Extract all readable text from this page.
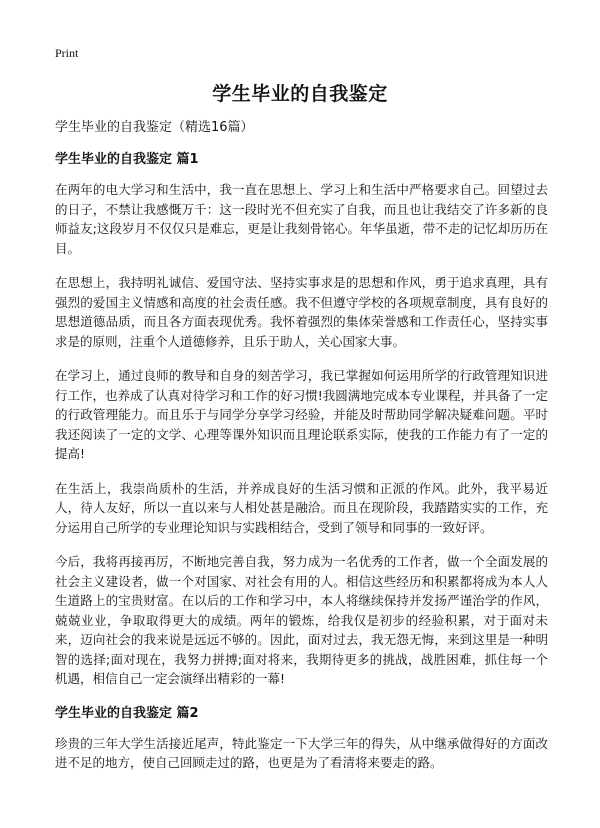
Print
学生毕业的自我鉴定

学生毕业的自我鉴定（精选16篇）

学生毕业的自我鉴定 篇1

在两年的电大学习和生活中，我一直在思想上、学习上和生活中严格要求自己。回望过去的日子，不禁让我感慨万千：这一段时光不但充实了自我，而且也让我结交了许多新的良师益友;这段岁月不仅仅只是难忘，更是让我刻骨铭心。年华虽逝，带不走的记忆却历历在目。

在思想上，我持明礼诚信、爱国守法、坚持实事求是的思想和作风，勇于追求真理，具有强烈的爱国主义情感和高度的社会责任感。我不但遵守学校的各项规章制度，具有良好的思想道德品质，而且各方面表现优秀。我怀着强烈的集体荣誉感和工作责任心，坚持实事求是的原则，注重个人道德修养，且乐于助人，关心国家大事。

在学习上，通过良师的教导和自身的刻苦学习，我已掌握如何运用所学的行政管理知识进行工作，也养成了认真对待学习和工作的好习惯!我圆满地完成本专业课程，并具备了一定的行政管理能力。而且乐于与同学分享学习经验，并能及时帮助同学解决疑难问题。平时我还阅读了一定的文学、心理等课外知识而且理论联系实际，使我的工作能力有了一定的提高!

在生活上，我崇尚质朴的生活，并养成良好的生活习惯和正派的作风。此外，我平易近人，待人友好，所以一直以来与人相处甚是融洽。而且在现阶段，我踏踏实实的工作，充分运用自己所学的专业理论知识与实践相结合，受到了领导和同事的一致好评。

今后，我将再接再厉，不断地完善自我，努力成为一名优秀的工作者，做一个全面发展的社会主义建设者，做一个对国家、对社会有用的人。相信这些经历和积累都将成为本人人生道路上的宝贵财富。在以后的工作和学习中，本人将继续保持并发扬严谨治学的作风，兢兢业业，争取取得更大的成绩。两年的锻炼，给我仅是初步的经验积累，对于面对未来，迈向社会的我来说是远远不够的。因此，面对过去，我无怨无悔，来到这里是一种明智的选择;面对现在，我努力拼搏;面对将来，我期待更多的挑战，战胜困难，抓住每一个机遇，相信自己一定会演绎出精彩的一幕!

学生毕业的自我鉴定 篇2

珍贵的三年大学生活接近尾声，特此鉴定一下大学三年的得失，从中继承做得好的方面改进不足的地方，使自己回顾走过的路，也更是为了看清将来要走的路。
